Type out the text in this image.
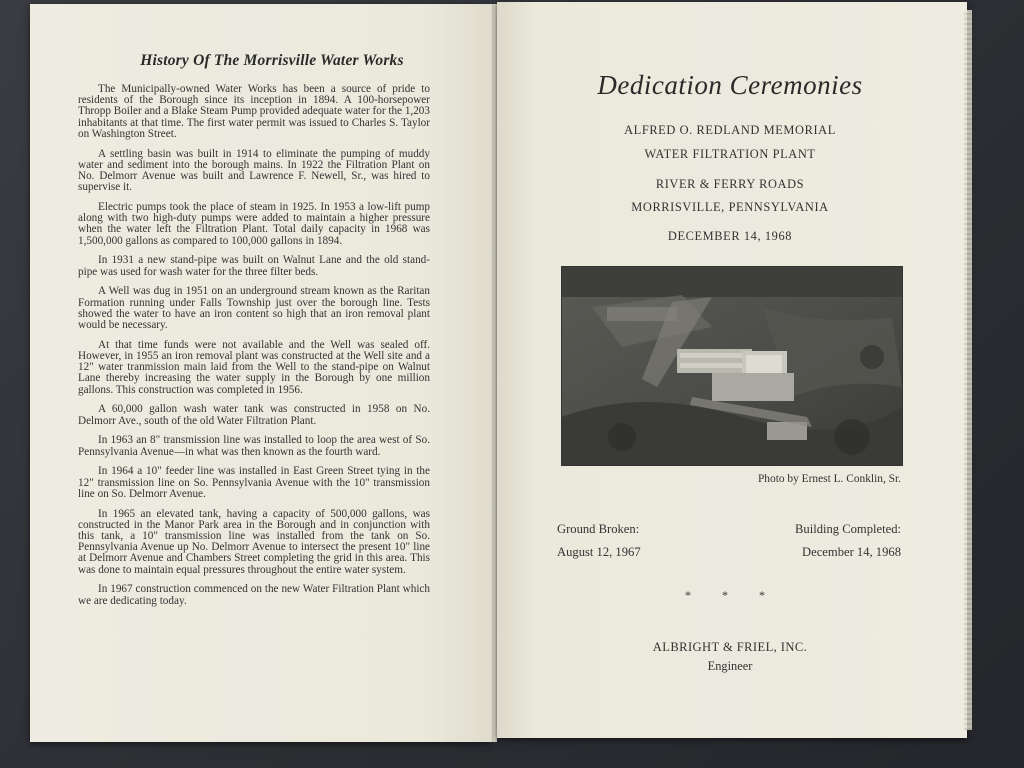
History Of The Morrisville Water Works

The Municipally-owned Water Works has been a source of pride to residents of the Borough since its inception in 1894. A 100-horsepower Thropp Boiler and a Blake Steam Pump provided adequate water for the 1,203 inhabitants at that time. The first water permit was issued to Charles S. Taylor on Washington Street.

A settling basin was built in 1914 to eliminate the pumping of muddy water and sediment into the borough mains. In 1922 the Filtration Plant on No. Delmorr Avenue was built and Lawrence F. Newell, Sr., was hired to supervise it.

Electric pumps took the place of steam in 1925. In 1953 a low-lift pump along with two high-duty pumps were added to maintain a higher pressure when the water left the Filtration Plant. Total daily capacity in 1968 was 1,500,000 gallons as compared to 100,000 gallons in 1894.

In 1931 a new stand-pipe was built on Walnut Lane and the old stand-pipe was used for wash water for the three filter beds.

A Well was dug in 1951 on an underground stream known as the Raritan Formation running under Falls Township just over the borough line. Tests showed the water to have an iron content so high that an iron removal plant would be necessary.

At that time funds were not available and the Well was sealed off. However, in 1955 an iron removal plant was constructed at the Well site and a 12" water tranmission main laid from the Well to the stand-pipe on Walnut Lane thereby increasing the water supply in the Borough by one million gallons. This construction was completed in 1956.

A 60,000 gallon wash water tank was constructed in 1958 on No. Delmorr Ave., south of the old Water Filtration Plant.

In 1963 an 8" transmission line was installed to loop the area west of So. Pennsylvania Avenue—in what was then known as the fourth ward.

In 1964 a 10" feeder line was installed in East Green Street tying in the 12" transmission line on So. Pennsylvania Avenue with the 10" transmission line on So. Delmorr Avenue.

In 1965 an elevated tank, having a capacity of 500,000 gallons, was constructed in the Manor Park area in the Borough and in conjunction with this tank, a 10" transmission line was installed from the tank on So. Pennsylvania Avenue up No. Delmorr Avenue to intersect the present 10" line at Delmorr Avenue and Chambers Street completing the grid in this area. This was done to maintain equal pressures throughout the entire water system.

In 1967 construction commenced on the new Water Filtration Plant which we are dedicating today.

Dedication Ceremonies
ALFRED O. REDLAND MEMORIAL
WATER FILTRATION PLANT
RIVER & FERRY ROADS
MORRISVILLE, PENNSYLVANIA
DECEMBER 14, 1968
Photo by Ernest L. Conklin, Sr.
Ground Broken:
August 12, 1967
Building Completed:
December 14, 1968
* * *
ALBRIGHT & FRIEL, INC.
Engineer
